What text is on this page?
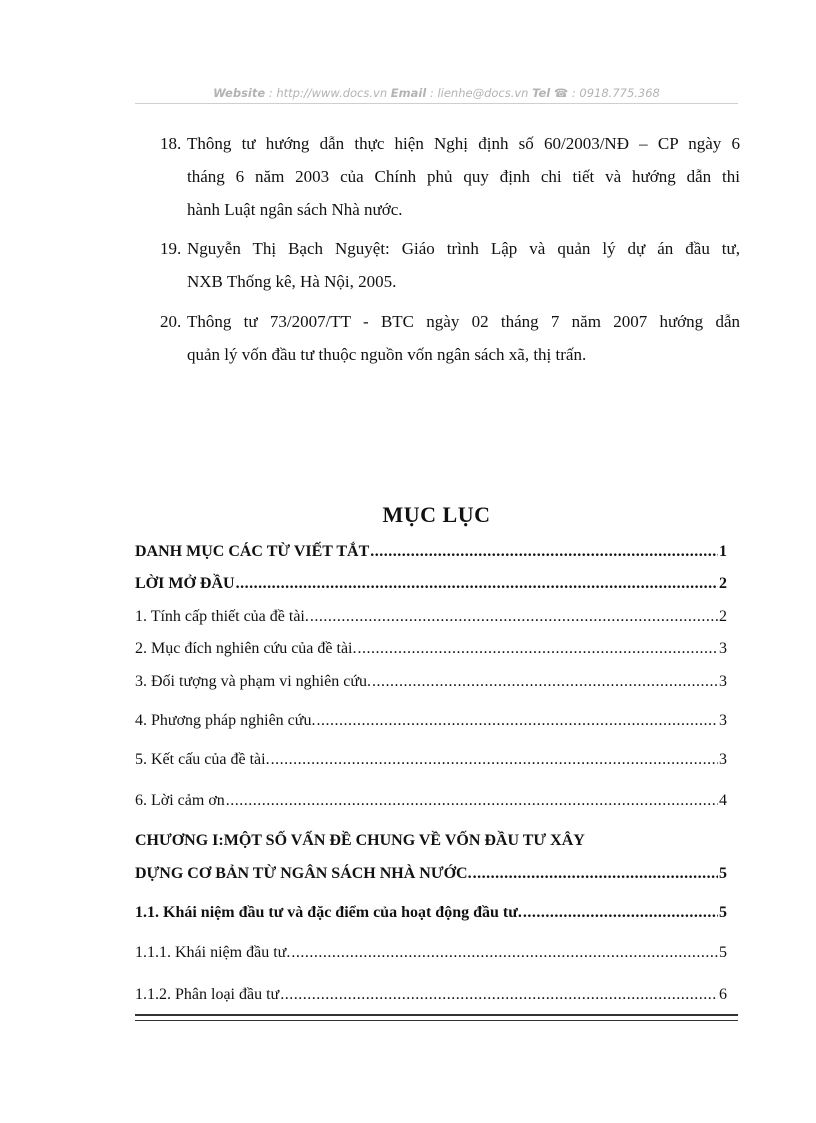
Website : http://www.docs.vn Email : lienhe@docs.vn Tel ☎ : 0918.775.368
18. Thông tư hướng dẫn thực hiện Nghị định số 60/2003/NĐ – CP ngày 6
tháng 6 năm 2003 của Chính phủ quy định chi tiết và hướng dẫn thi
hành Luật ngân sách Nhà nước.
19. Nguyễn Thị Bạch Nguyệt: Giáo trình Lập và quản lý dự án đầu tư,
NXB Thống kê, Hà Nội, 2005.
20. Thông tư 73/2007/TT - BTC ngày 02 tháng 7 năm 2007 hướng dẫn
quản lý vốn đầu tư thuộc nguồn vốn ngân sách xã, thị trấn.
MỤC LỤC
DANH MỤC CÁC TỪ VIẾT TẮT .....	1
LỜI MỞ ĐẦU .....	2
1. Tính cấp thiết của đề tài. .....	2
2. Mục đích nghiên cứu của đề tài. .....	3
3. Đối tượng và phạm vi nghiên cứu. .....	3
4. Phương pháp nghiên cứu. .....	3
5. Kết cấu của đề tài. .....	3
6. Lời cảm ơn .....	4
CHƯƠNG I:MỘT SỐ VẤN ĐỀ CHUNG VỀ VỐN ĐẦU TƯ XÂY
DỰNG CƠ BẢN TỪ NGÂN SÁCH NHÀ NƯỚC. .....	5
1.1. Khái niệm đầu tư và đặc điểm của hoạt động đầu tư. .....	5
1.1.1. Khái niệm đầu tư. .....	5
1.1.2. Phân loại đầu tư .....	6
